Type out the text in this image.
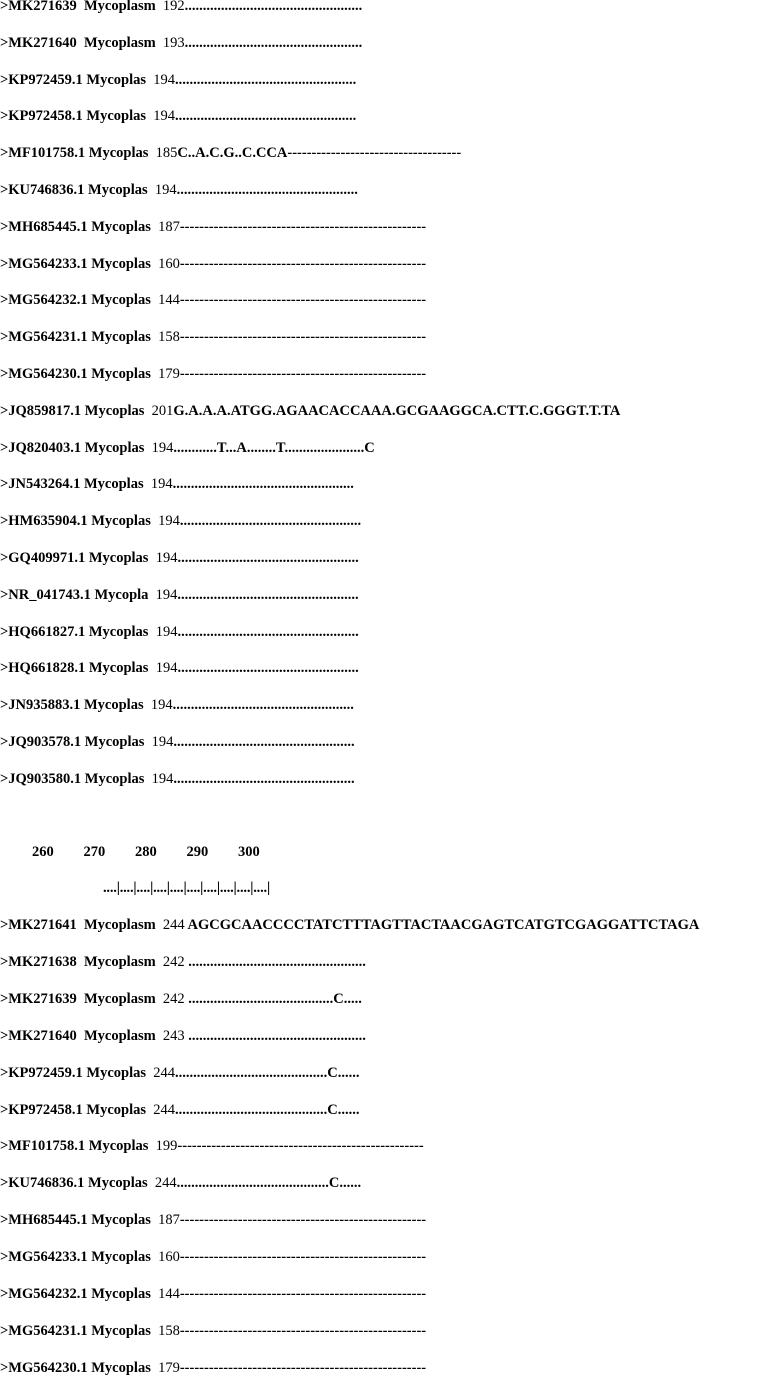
>MK271639  Mycoplasm 192.................................................
>MK271640  Mycoplasm 193.................................................
>KP972459.1 Mycoplas 194..................................................
>KP972458.1 Mycoplas 194..................................................
>MF101758.1 Mycoplas 185C..A.C.G..C.CCA------------------------------------
>KU746836.1 Mycoplas 194..................................................
>MH685445.1 Mycoplas 187---------------------------------------------------
>MG564233.1 Mycoplas 160---------------------------------------------------
>MG564232.1 Mycoplas 144---------------------------------------------------
>MG564231.1 Mycoplas 158---------------------------------------------------
>MG564230.1 Mycoplas 179---------------------------------------------------
>JQ859817.1 Mycoplas 201G.A.A.A.ATGG.AGAACACCAAA.GCGAAGGCA.CTT.C.GGGT.T.TA
>JQ820403.1 Mycoplas 194............T...A........T......................C
>JN543264.1 Mycoplas 194..................................................
>HM635904.1 Mycoplas 194..................................................
>GQ409971.1 Mycoplas 194..................................................
>NR_041743.1 Mycopla 194..................................................
>HQ661827.1 Mycoplas 194..................................................
>HQ661828.1 Mycoplas 194..................................................
>JN935883.1 Mycoplas 194..................................................
>JQ903578.1 Mycoplas 194..................................................
>JQ903580.1 Mycoplas 194..................................................
260 270 280 290 300
....|....|....|....|....|....|....|....|....|....|
>MK271641  Mycoplasm 244 AGCGCAACCCCTATCTTTAGTTACTAACGAGTCATGTCGAGGATTCTAGA
>MK271638  Mycoplasm 242 .................................................
>MK271639  Mycoplasm 242 ........................................C.....
>MK271640  Mycoplasm 243 .................................................
>KP972459.1 Mycoplas 244..........................................C......
>KP972458.1 Mycoplas 244..........................................C......
>MF101758.1 Mycoplas 199---------------------------------------------------
>KU746836.1 Mycoplas 244..........................................C......
>MH685445.1 Mycoplas 187---------------------------------------------------
>MG564233.1 Mycoplas 160---------------------------------------------------
>MG564232.1 Mycoplas 144---------------------------------------------------
>MG564231.1 Mycoplas 158---------------------------------------------------
>MG564230.1 Mycoplas 179---------------------------------------------------
